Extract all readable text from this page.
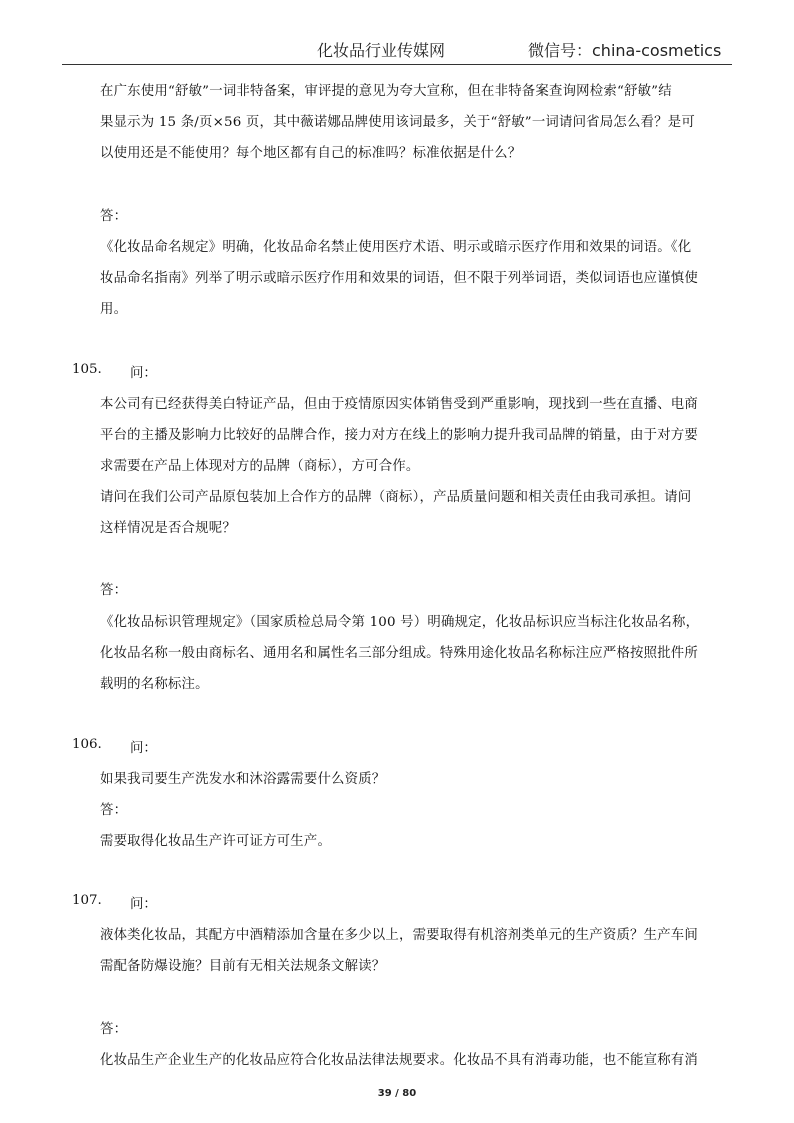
化妆品行业传媒网	微信号：china-cosmetics
在广东使用“舒敏”一词非特备案，审评提的意见为夸大宣称，但在非特备案查询网检索“舒敏”结
果显示为 15 条/页×56 页，其中薇诺娜品牌使用该词最多，关于“舒敏”一词请问省局怎么看？是可
以使用还是不能使用？每个地区都有自己的标准吗？标准依据是什么？
答：
《化妆品命名规定》明确，化妆品命名禁止使用医疗术语、明示或暗示医疗作用和效果的词语。《化
妆品命名指南》列举了明示或暗示医疗作用和效果的词语，但不限于列举词语，类似词语也应谨慎使
用。
105. 问：
本公司有已经获得美白特证产品，但由于疫情原因实体销售受到严重影响，现找到一些在直播、电商
平台的主播及影响力比较好的品牌合作，接力对方在线上的影响力提升我司品牌的销量，由于对方要
求需要在产品上体现对方的品牌（商标），方可合作。
请问在我们公司产品原包装加上合作方的品牌（商标），产品质量问题和相关责任由我司承担。请问
这样情况是否合规呢？
答：
《化妆品标识管理规定》（国家质检总局令第 100 号）明确规定，化妆品标识应当标注化妆品名称，
化妆品名称一般由商标名、通用名和属性名三部分组成。特殊用途化妆品名称标注应严格按照批件所
载明的名称标注。
106. 问：
如果我司要生产洗发水和沐浴露需要什么资质？
答：
需要取得化妆品生产许可证方可生产。
107. 问：
液体类化妆品，其配方中酒精添加含量在多少以上，需要取得有机溶剂类单元的生产资质？生产车间
需配备防爆设施？目前有无相关法规条文解读？
答：
化妆品生产企业生产的化妆品应符合化妆品法律法规要求。化妆品不具有消毒功能，也不能宣称有消
39 / 80
